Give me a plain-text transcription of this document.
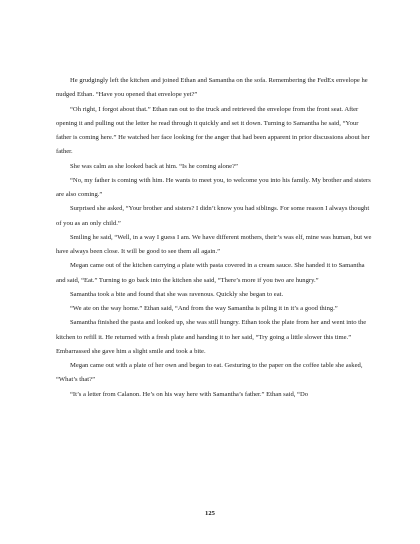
He grudgingly left the kitchen and joined Ethan and Samantha on the sofa. Remembering the FedEx envelope he nudged Ethan. “Have you opened that envelope yet?”

“Oh right, I forgot about that.” Ethan ran out to the truck and retrieved the envelope from the front seat. After opening it and pulling out the letter he read through it quickly and set it down. Turning to Samantha he said, “Your father is coming here.” He watched her face looking for the anger that had been apparent in prior discussions about her father.

She was calm as she looked back at him. “Is he coming alone?”

“No, my father is coming with him. He wants to meet you, to welcome you into his family. My brother and sisters are also coming.”

Surprised she asked, “Your brother and sisters? I didn’t know you had siblings. For some reason I always thought of you as an only child.”

Smiling he said, “Well, in a way I guess I am. We have different mothers, their’s was elf, mine was human, but we have always been close. It will be good to see them all again.”

Megan came out of the kitchen carrying a plate with pasta covered in a cream sauce. She handed it to Samantha and said, “Eat.” Turning to go back into the kitchen she said, “There’s more if you two are hungry.”

Samantha took a bite and found that she was ravenous. Quickly she began to eat.

“We ate on the way home.” Ethan said, “And from the way Samantha is piling it in it’s a good thing.”

Samantha finished the pasta and looked up, she was still hungry. Ethan took the plate from her and went into the kitchen to refill it. He returned with a fresh plate and handing it to her said, “Try going a little slower this time.” Embarrassed she gave him a slight smile and took a bite.

Megan came out with a plate of her own and began to eat. Gesturing to the paper on the coffee table she asked, “What’s that?”

“It’s a letter from Calanon. He’s on his way here with Samantha’s father.” Ethan said, “Do

125
